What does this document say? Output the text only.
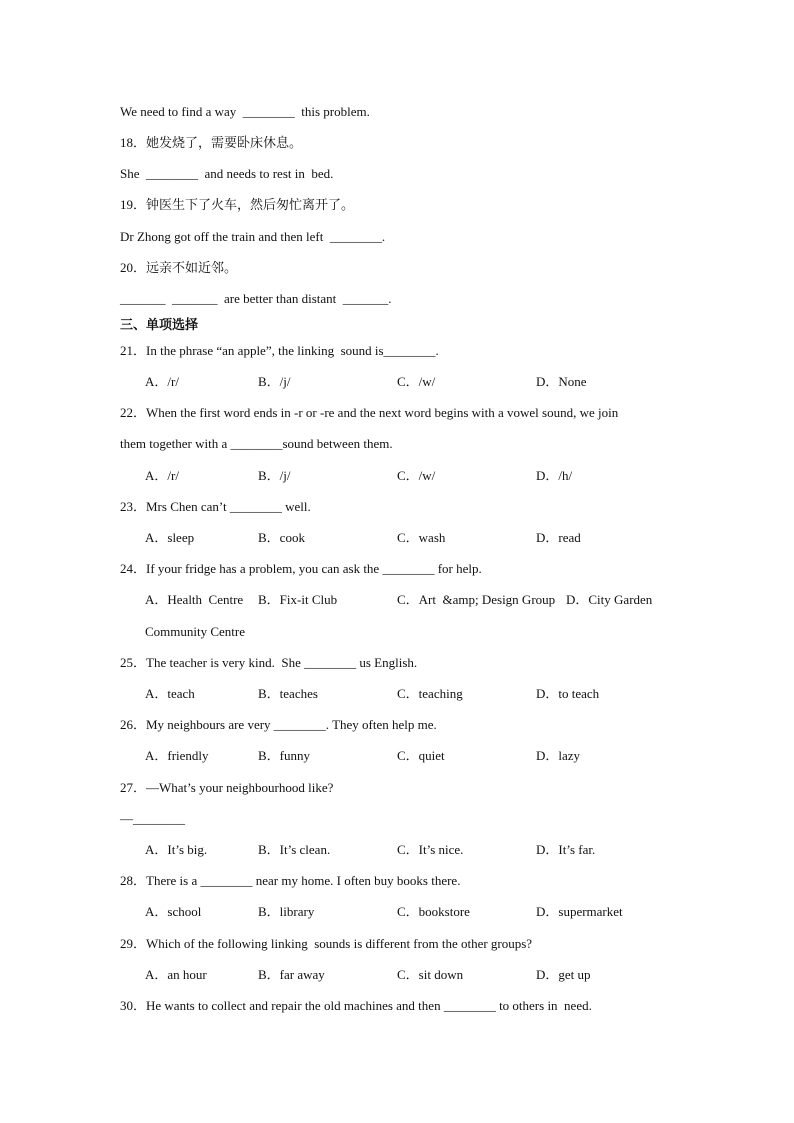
We need to find a way  ________  this problem.
18．她发烧了，需要卧床休息。
She  ________  and needs to rest in  bed.
19．钟医生下了火车，然后匆忙离开了。
Dr Zhong got off the train and then left  ________.
20．远亲不如近邻。
_______  _______  are better than distant  _______.
三、单项选择
21．In the phrase “an apple”, the linking  sound is________.
A．/r/	B．/j/	C．/w/	D．None
22．When the first word ends in -r or -re and the next word begins with a vowel sound, we join
them together with a ________sound between them.
A．/r/	B．/j/	C．/w/	D．/h/
23．Mrs Chen can’t ________ well.
A．sleep	B．cook	C．wash	D．read
24．If your fridge has a problem, you can ask the ________ for help.
A．Health  Centre B．Fix-it Club	C．Art  &amp; Design Group D．City Garden
Community Centre
25．The teacher is very kind.  She ________ us English.
A．teach	B．teaches	C．teaching	D．to teach
26．My neighbours are very ________. They often help me.
A．friendly	B．funny	C．quiet	D．lazy
27．—What’s your neighbourhood like?
—________
A．It’s big.	B．It’s clean.	C．It’s nice.	D．It’s far.
28．There is a ________ near my home. I often buy books there.
A．school	B．library	C．bookstore	D．supermarket
29．Which of the following linking  sounds is different from the other groups?
A．an hour	B．far away	C．sit down	D．get up
30．He wants to collect and repair the old machines and then ________ to others in  need.
